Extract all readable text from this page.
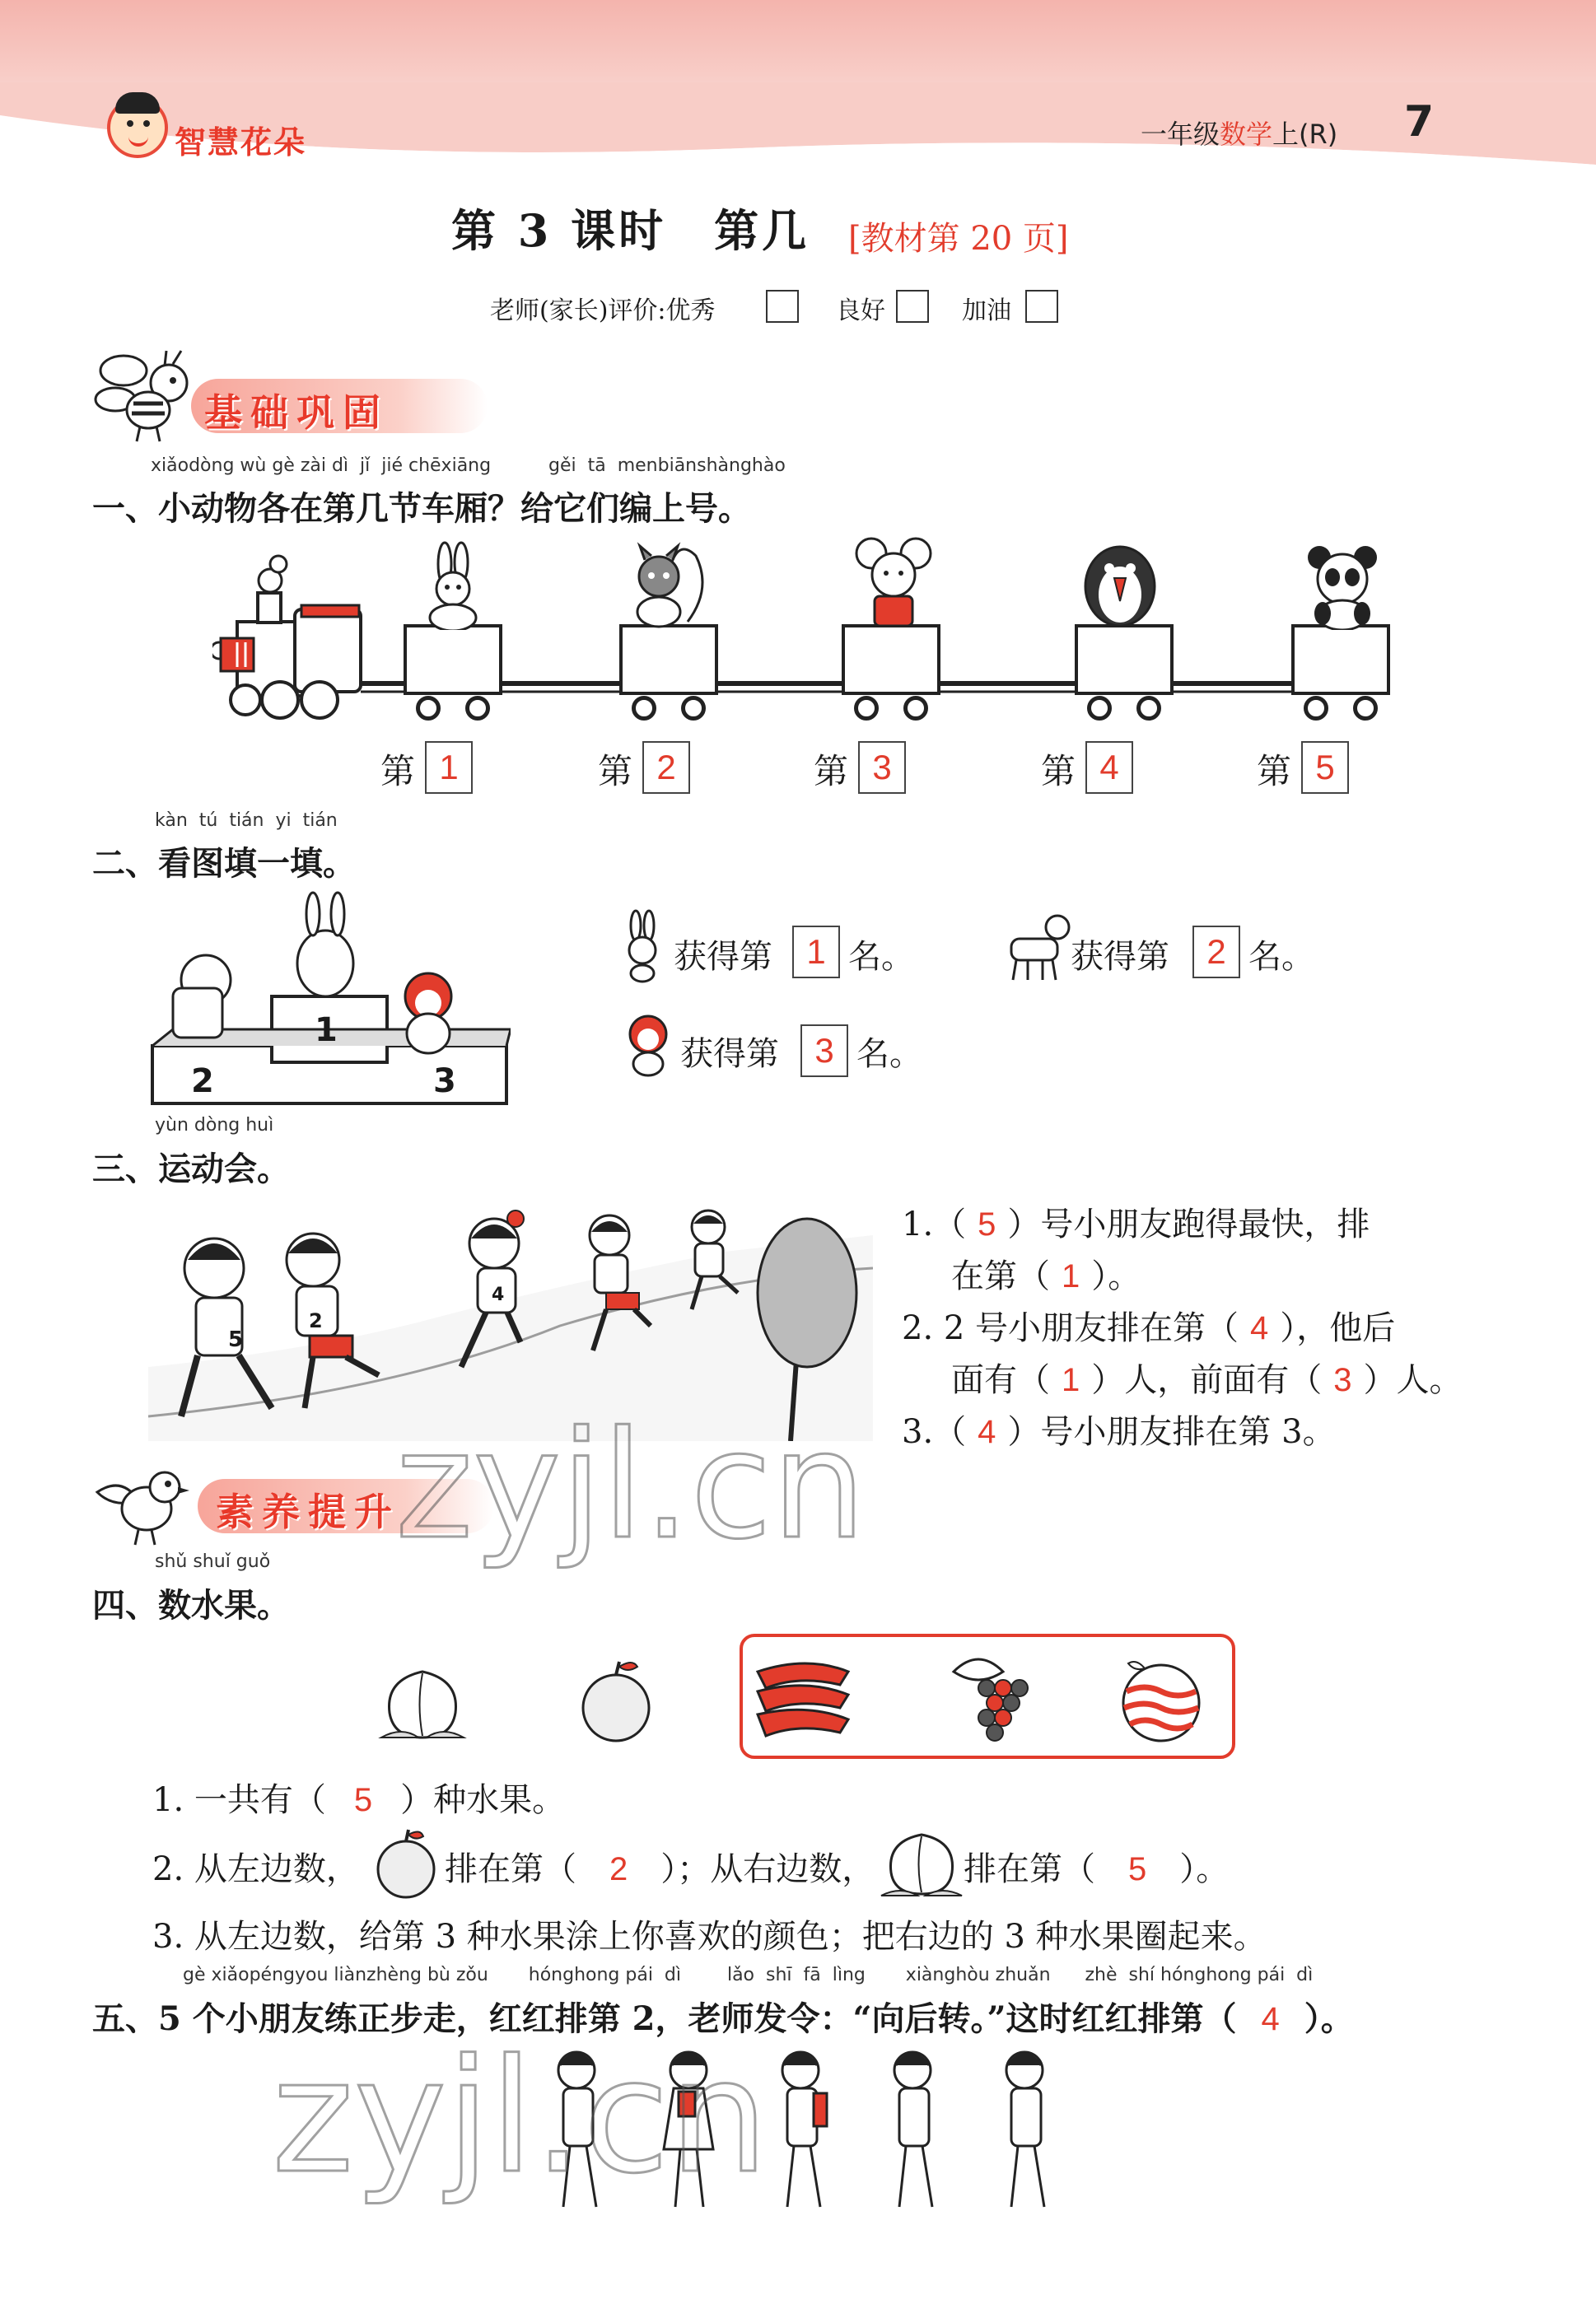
智慧花朵	一年级数学上(R) 7
第 3 课时　第几 [教材第 20 页]
老师(家长)评价:优秀	良好	加油
基础巩固
xiǎodòng wù gè zài dì  jǐ  jié chēxiāng          gěi  tā  menbiānshànghào
一、小动物各在第几节车厢？给它们编上号。
第 1	第 2	第 3	第 4	第 5
kàn  tú  tián  yi  tián
二、看图填一填。
2
1
3
获得第 1 名。	获得第	2 名。
获得第	3 名。
yùn dòng huì
三、运动会。
5
2
4
1.（ 5 ）号小朋友跑得最快，排
在第（ 1 ）。
2. 2 号小朋友排在第（ 4 ），他后
面有（ 1 ）人，前面有（ 3 ）人。
3.（ 4 ）号小朋友排在第 3。
素养提升
shǔ shuǐ guǒ
四、数水果。
1. 一共有（ 5 ）种水果。
2. 从左边数，	排在第（ 2 ）；从右边数，	排在第（ 5 ）。
3. 从左边数，给第 3 种水果涂上你喜欢的颜色；把右边的 3 种水果圈起来。
gè xiǎopéngyou liànzhèng bù zǒu       hónghong pái  dì        lǎo  shī  fā  lìng       xiànghòu zhuǎn      zhè  shí hónghong pái  dì
五、5 个小朋友练正步走，红红排第 2，老师发令：“向后转。”这时红红排第（ 4 ）。
zyjl.cn
zyjl.cn
